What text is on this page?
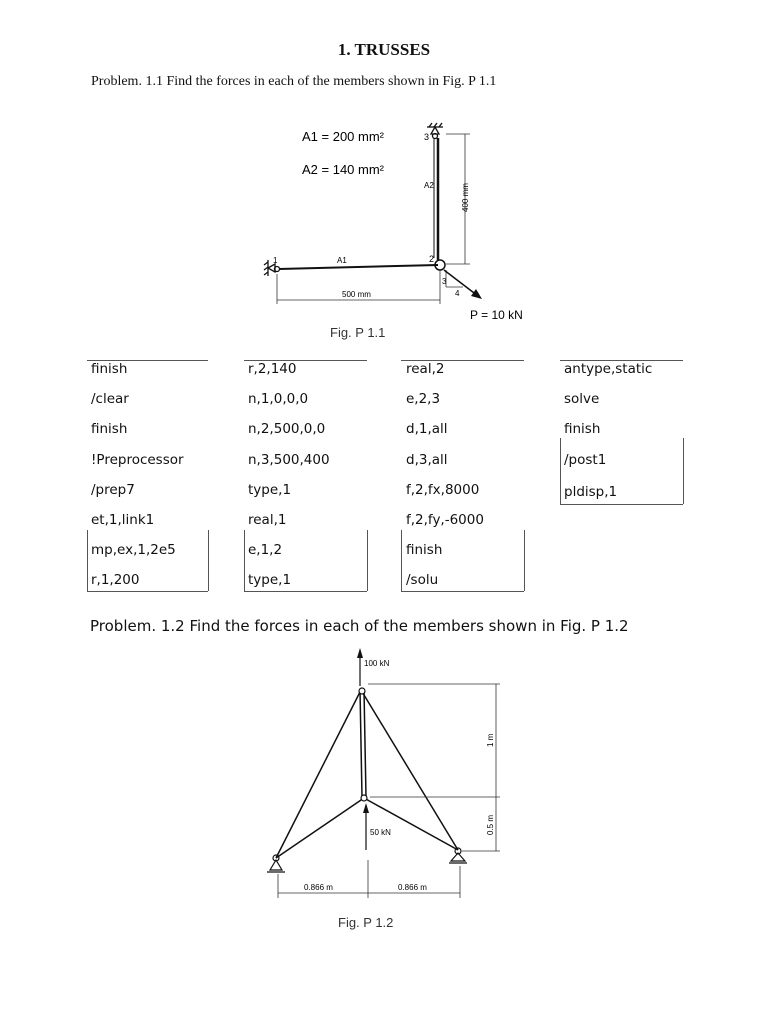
1. TRUSSES
Problem. 1.1 Find the forces in each of the members shown in Fig. P 1.1
A1 = 200 mm²
A2 = 140 mm²
3
A2	400 mm
1	A1	2
500 mm
3
4
P = 10 kN
Fig. P 1.1
finish
/clear
finish
!Preprocessor
/prep7
et,1,link1
mp,ex,1,2e5
r,1,200
r,2,140
n,1,0,0,0
n,2,500,0,0
n,3,500,400
type,1
real,1
e,1,2
type,1
real,2
e,2,3
d,1,all
d,3,all
f,2,fx,8000
f,2,fy,-6000
finish
/solu
antype,static
solve
finish
/post1
pldisp,1
Problem. 1.2 Find the forces in each of the members shown in Fig. P 1.2
100 kN
50 kN
1 m
0.5 m
0.866 m	0.866 m
Fig. P 1.2
